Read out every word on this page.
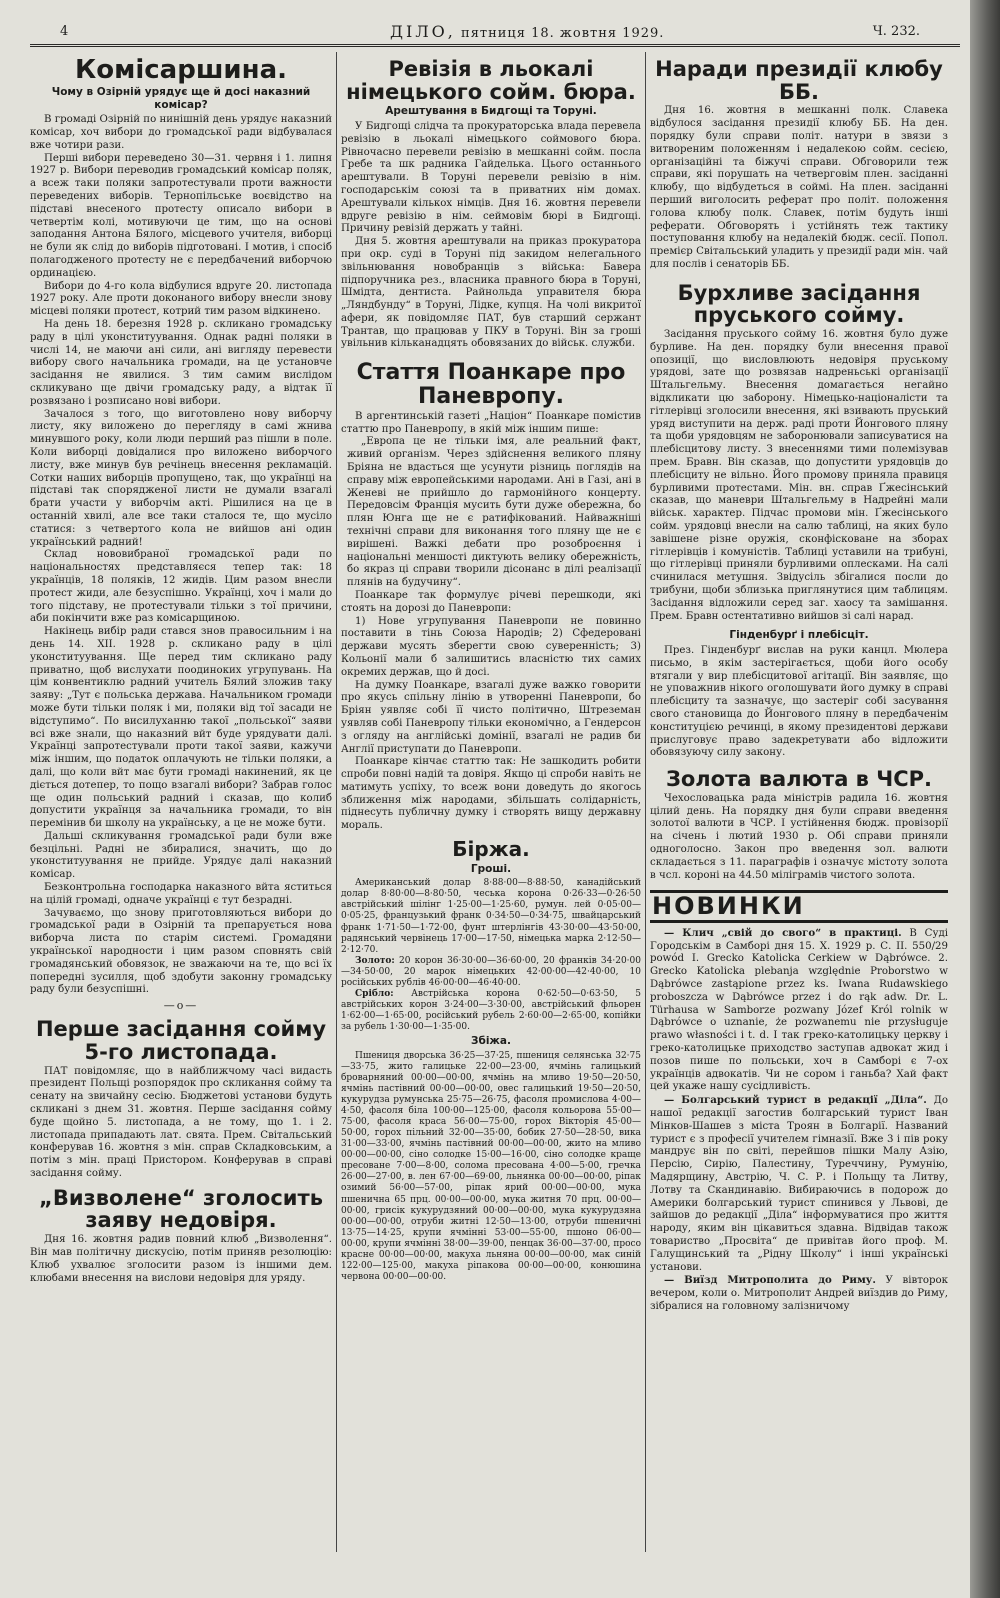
4	ДІЛО, пятниця 18. жовтня 1929.	Ч. 232.
Комісаршина.
Чому в Озірній урядує ще й досі наказний комісар?

В громаді Озірній по нинішній день урядує наказний комісар, хоч вибори до громадської ради відбувалася вже чотири рази.

Перші вибори переведено 30—31. червня і 1. липня 1927 р. Вибори переводив громадський комісар поляк, а всеж таки поляки запротестували проти важности переведених виборів. Тернопільське воєвідство на підставі внесеного протесту описало вибори в четвертім колі, мотивуючи це тим, що на основі заподання Антона Бялого, місцевого учителя, виборці не були як слід до виборів підготовані. І мотив, і спосіб полагодженого протесту не є передбачений виборчою ординацією.

Вибори до 4-го кола відбулися вдруге 20. листопада 1927 року. Але проти доконаного вибору внесли знову місцеві поляки протест, котрий тим разом відкинено.

На день 18. березня 1928 р. скликано громадську раду в цілі уконституування. Однак радні поляки в числі 14, не маючи ані сили, ані вигляду перевести вибору свого начальника громади, на це установче засідання не явилися. З тим самим вислідом скликувано ще двічи громадську раду, а відтак її розвязано і розписано нові вибори.

Зачалося з того, що виготовлено нову виборчу листу, яку виложено до перегляду в самі жнива минувшого року, коли люди перший раз пішли в поле. Коли виборці довідалися про виложено виборчого листу, вже минув був речінець внесення рекламацій. Сотки наших виборців пропущено, так, що українці на підставі так спорядженої листи не думали взагалі брати участи у виборчім акті. Рішилися на це в останній хвилі, але все таки сталося те, що мусіло статися: з четвертого кола не вийшов ані один український радний!

Склад нововибраної громадської ради по національностях представляєся тепер так: 18 українців, 18 поляків, 12 жидів. Цим разом внесли протест жиди, але безуспішно. Українці, хоч і мали до того підставу, не протестували тільки з тої причини, аби покінчити вже раз комісарщиною.

Накінець вибір ради стався знов правосильним і на день 14. XII. 1928 р. скликано раду в цілі уконституування. Ще перед тим скликано раду приватно, щоб вислухати поодиноких угрупувань. На цім конвентиклю радний учитель Бялий зложив таку заяву: „Тут є польська держава. Начальником громади може бути тільки поляк і ми, поляки від тої засади не відступимо“. По висилуханню такої „польської“ заяви всі вже знали, що наказний вйт буде урядувати далі. Українці запротестували проти такої заяви, кажучи між іншим, що податок оплачують не тільки поляки, а далі, що коли вйт має бути громаді накинений, як це діється дотепер, то пощо взагалі вибори? Забрав голос ще один польський радний і сказав, що колиб допустити українця за начальника громади, то він перемінив би школу на українську, а це не може бути.

Дальші скликування громадської ради були вже безцільні. Радні не збиралися, значить, що до уконституування не прийде. Урядує далі наказний комісар.

Безконтрольна господарка наказного вйта яститься на цілій громаді, одначе українці є тут безрадні.

Зачуваємо, що знову приготовляються вибори до громадської ради в Озірній та препарується нова виборча листа по старім системі. Громадяни української народности і цим разом сповнять свій громадянський обовязок, не зважаючи на те, що всі їх попередні зусилля, щоб здобути законну громадську раду були безуспішні.

—o—
Перше засідання сойму 5-го листопада.

ПАТ повідомляє, що в найближчому часі видасть президент Польщі розпорядок про скликання сойму та сенату на звичайну сесію. Бюджетові установи будуть скликані з днем 31. жовтня. Перше засідання сойму буде щойно 5. листопада, а не тому, що 1. і 2. листопада припадають лат. свята. Прем. Світальський конферував 16. жовтня з мін. справ Складковським, а потім з мін. праці Пристором. Конферував в справі засідання сойму.

„Визволене“ зголосить заяву недовіря.

Дня 16. жовтня радив повний клюб „Визволення“. Він мав політичну дискусію, потім приняв резолюцію: Клюб ухвалює зголосити разом із іншими дем. клюбами внесення на вислови недовіря для уряду.

Ревізія в льокалі німецького сойм. бюра.
Арештування в Бидгощі та Торуні.

У Бидгощі слідча та прокураторська влада перевела ревізію в льокалі німецького соймового бюра. Рівночасно перевели ревізію в мешканні сойм. посла Гребе та шк радника Гайделька. Цього останнього арештували. В Торуні перевели ревізію в нім. господарськім союзі та в приватних нім домах. Арештували кількох німців. Дня 16. жовтня перевели вдруге ревізію в нім. сеймовім бюрі в Бидгощі. Причину ревізій держать у тайні.

Дня 5. жовтня арештували на приказ прокуратора при окр. суді в Торуні під закидом нелегального звільнювання новобранців з війська: Бавера підпоручника рез., власника правного бюра в Торуні, Шмідта, дентиста. Райнольда управителя бюра „Ляндбунду“ в Торуні, Лідке, купця. На чолі викритої афери, як повідомляє ПАТ, був старший сержант Трантав, що працював у ПКУ в Торуні. Він за гроші увільнив кільканадцять обовязаних до військ. служби.

Стаття Поанкаре про Паневропу.

В аргентинській газеті „Націон“ Поанкаре помістив статтю про Паневропу, в якій між іншим пише:

„Европа це не тільки імя, але реальний факт, живий організм. Через здійснення великого пляну Бріяна не вдасться ще усунути різниць поглядів на справу між европейськими народами. Ані в Газі, ані в Женеві не прийшло до гармонійного концерту. Передовсім Франція мусить бути дуже обережна, бо плян Юнга ще не є ратифікований. Найважніші технічні справи для виконання того пляну ще не є вирішені. Важкі дебати про розоброєння і національні меншості диктують велику обережність, бо якраз ці справи творили дісонанс в ділі реалізації плянів на будучину“.

Поанкаре так формулує річеві перешкоди, які стоять на дорозі до Паневропи:

1) Нове угрупування Паневропи не повинно поставити в тінь Союза Народів; 2) Сфедеровані держави мусять зберегти свою суверенність; 3) Кольонії мали б залишитись власністю тих самих окремих держав, що й досі.

На думку Поанкаре, взагалі дуже важко говорити про якусь спільну лінію в утворенні Паневропи, бо Бріян уявляє собі її чисто політично, Штреземан уявляв собі Паневропу тільки економічно, а Гендерсон з огляду на англійські домінії, взагалі не радив би Англії приступати до Паневропи.

Поанкаре кінчає статтю так: Не зашкодить робити спроби повні надій та довіря. Якщо ці спроби навіть не матимуть успіху, то всеж вони доведуть до якогось зближення між народами, збільшать солідарність, піднесуть публичну думку і створять вищу державну мораль.

Біржа.
Гроші.

Американський долар 8·88·00—8·88·50, канадійський долар 8·80·00—8·80·50, чеська корона 0·26·33—0·26·50 австрійський шілінг 1·25·00—1·25·60, румун. лей 0·05·00—0·05·25, французький франк 0·34·50—0·34·75, швайцарський франк 1·71·50—1·72·00, фунт штерлінгів 43·30·00—43·50·00, радянський червінець 17·00—17·50, німецька марка 2·12·50—2·12·70.

Золото: 20 корон 36·30·00—36·60·00, 20 франків 34·20·00—34·50·00, 20 марок німецьких 42·00·00—42·40·00, 10 російських рублів 46·00·00—46·40·00.

Срібло: Австрійська корона 0·62·50—0·63·50, 5 австрійських корон 3·24·00—3·30·00, австрійський фльорен 1·62·00—1·65·00, російський рубель 2·60·00—2·65·00, копійки за рубель 1·30·00—1·35·00.

Збіжа.

Пшениця дворська 36·25—37·25, пшениця селянська 32·75—33·75, жито галицьке 22·00—23·00, ячмінь галицький броварняний 00·00—00·00, ячмінь на мливо 19·50—20·50, ячмінь пастівний 00·00—00·00, овес галицький 19·50—20·50, кукурудза румунська 25·75—26·75, фасоля промислова 4·00—4·50, фасоля біла 100·00—125·00, фасоля кольорова 55·00—75·00, фасоля краса 56·00—75·00, горох Вікторія 45·00—50·00, горох пільний 32·00—35·00, бобик 27·50—28·50, вика 31·00—33·00, ячмінь пастівний 00·00—00·00, жито на мливо 00·00—00·00, сіно солодке 15·00—16·00, сіно солодке краще пресоване 7·00—8·00, солома пресована 4·00—5·00, гречка 26·00—27·00, в. лен 67·00—69·00, льнянка 00·00—00·00, ріпак озимий 56·00—57·00, ріпак ярий 00·00—00·00, мука пшенична 65 прц. 00·00—00·00, мука житня 70 прц. 00·00—00·00, грисік кукурудзяний 00·00—00·00, мука кукурудзяна 00·00—00·00, отруби житні 12·50—13·00, отруби пшеничні 13·75—14·25, крупи ячмінні 53·00—55·00, пшоно 06·00—00·00, крупи ячмінні 38·00—39·00, пенцак 36·00—37·00, просо красне 00·00—00·00, макуха льняна 00·00—00·00, мак синій 122·00—125·00, макуха ріпакова 00·00—00·00, конюшина червона 00·00—00·00.

Наради президії клюбу ББ.

Дня 16. жовтня в мешканні полк. Славека відбулося засідання президії клюбу ББ. На ден. порядку були справи політ. натури в звязи з витвореним положенням і недалекою сойм. сесією, організаційні та біжучі справи. Обговорили теж справи, які порушать на четверговім плен. засіданні клюбу, що відбудеться в соймі. На плен. засіданні перший виголосить реферат про політ. положення голова клюбу полк. Славек, потім будуть інші реферати. Обговорять і устійнять теж тактику поступовання клюбу на недалекій бюдж. сесії. Попол. премієр Світальський уладить у президії ради мін. чай для послів і сенаторів ББ.

Бурхливе засідання пруського сойму.

Засідання пруського сойму 16. жовтня було дуже бурливе. На ден. порядку були внесення правої опозиції, що висловлюють недовіря пруському урядові, зате що розвязав надреньські організації Штальгельму. Внесення домагається негайно відкликати цю заборону. Німецько-націоналісти та гітлерівці зголосили внесення, які взивають пруський уряд виступити на держ. раді проти Йонгового пляну та щоби урядовцям не заборонювали записуватися на плебісцитову листу. З внесеннями тими полемізував прем. Бравн. Він сказав, що допустити урядовців до плебісциту не вільно. Його промову приняла правиця бурливими протестами. Мін. вн. справ Ґжесінський сказав, що маневри Штальгельму в Надрейні мали військ. характер. Підчас промови мін. Ґжесінського сойм. урядовці внесли на салю таблиці, на яких було завішене різне оружія, сконфісковане на зборах гітлерівців і комуністів. Таблиці уставили на трибуні, що гітлерівці приняли бурливими оплесками. На салі счинилася метушня. Звідусіль збігалися посли до трибуни, щоби зблизька приглянутися цим таблицям. Засідання відложили серед заг. хаосу та замішання. Прем. Бравн остентативно вийшов зі салі нарад.

Гінденбурґ і плебісціт.

През. Гінденбурґ вислав на руки канцл. Мюлера письмо, в якім застерігається, щоби його особу втягали у вир плебісцитової агітації. Він заявляє, що не уповажнив нікого оголошувати його думку в справі плебісциту та зазначує, що застеріг собі засування свого становища до Йонгового пляну в передбаченім конституцією речинці, в якому президентові держави прислуговує право задекретувати або відложити обовязуючу силу закону.

Золота валюта в ЧСР.

Чехословацька рада міністрів радила 16. жовтня цілий день. На порядку дня були справи введення золотої валюти в ЧСР. І устійнення бюдж. провізорії на січень і лютий 1930 р. Обі справи приняли одноголосно. Закон про введення зол. валюти складається з 11. параграфів і означує містоту золота в чсл. короні на 44.50 міліграмів чистого золота.

НОВИНКИ

— Клич „свій до свого“ в практиці. В Суді Городськім в Самборі дня 15. X. 1929 р. С. ІІ. 550/29 powód I. Grecko Katolicka Cerkiew w Dąbrówce. 2. Grecko Katolicka plebanja względnie Proborstwo w Dąbrówce zastąpione przez ks. Iwana Rudawskiego proboszcza w Dąbrówce przez i do rąk adw. Dr. L. Türhausa w Samborze pozwany Józef Król rolnik w Dąbrówce o uznanie, że pozwanemu nie przysługuje prawo własności i t. d. І так греко-католицьку церкву і греко-католицьке приходство заступав адвокат жид і позов пише по польськи, хоч в Самборі є 7-ох українців адвокатів. Чи не сором і ганьба? Хай факт цей укаже нашу сусідливість.

— Болгарський турист в редакції „Діла“. До нашої редакції загостив болгарський турист Іван Мінков-Шашев з міста Троян в Болгарії. Названий турист є з професії учителем гімназії. Вже 3 і пів року мандрує він по світі, перейшов пішки Малу Азію, Персію, Сирію, Палестину, Туреччину, Румунію, Мадярщину, Австрію, Ч. С. Р. і Польщу та Литву, Лотву та Скандинавію. Вибираючись в подорож до Америки болгарський турист спинився у Львові, де зайшов до редакції „Діла“ інформуватися про життя народу, яким він цікавиться здавна. Відвідав також товариство „Просвіта“ де привітав його проф. М. Галущинський та „Рідну Школу“ і інші українські установи.

— Виїзд Митрополита до Риму. У вівторок вечером, коли о. Митрополит Андрей виїздив до Риму, зібралися на головному залізничому
